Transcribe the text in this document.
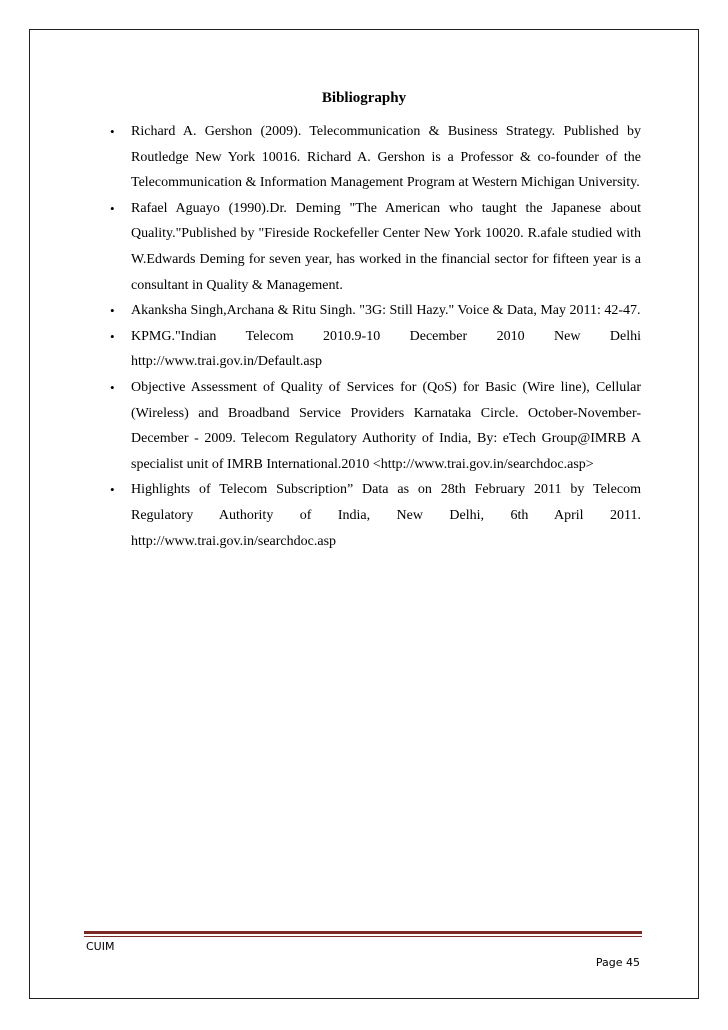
Bibliography
• Richard A. Gershon (2009). Telecommunication & Business Strategy. Published by Routledge New York 10016. Richard A. Gershon is a Professor & co-founder of the Telecommunication & Information Management Program at Western Michigan University.
• Rafael Aguayo (1990).Dr. Deming "The American who taught the Japanese about Quality."Published by "Fireside Rockefeller Center New York 10020. R.afale studied with W.Edwards Deming for seven year, has worked in the financial sector for fifteen year is a consultant in Quality & Management.
• Akanksha Singh,Archana & Ritu Singh. "3G: Still Hazy." Voice & Data, May 2011: 42-47.
• KPMG."Indian Telecom 2010.9-10 December 2010 New Delhi http://www.trai.gov.in/Default.asp
• Objective Assessment of Quality of Services for (QoS) for Basic (Wire line), Cellular (Wireless) and Broadband Service Providers Karnataka Circle. October-November-December - 2009. Telecom Regulatory Authority of India, By: eTech Group@IMRB A specialist unit of IMRB International.2010 <http://www.trai.gov.in/searchdoc.asp>
• Highlights of Telecom Subscription” Data as on 28th February 2011 by Telecom Regulatory Authority of India, New Delhi, 6th April 2011. http://www.trai.gov.in/searchdoc.asp
CUIM
Page 45
